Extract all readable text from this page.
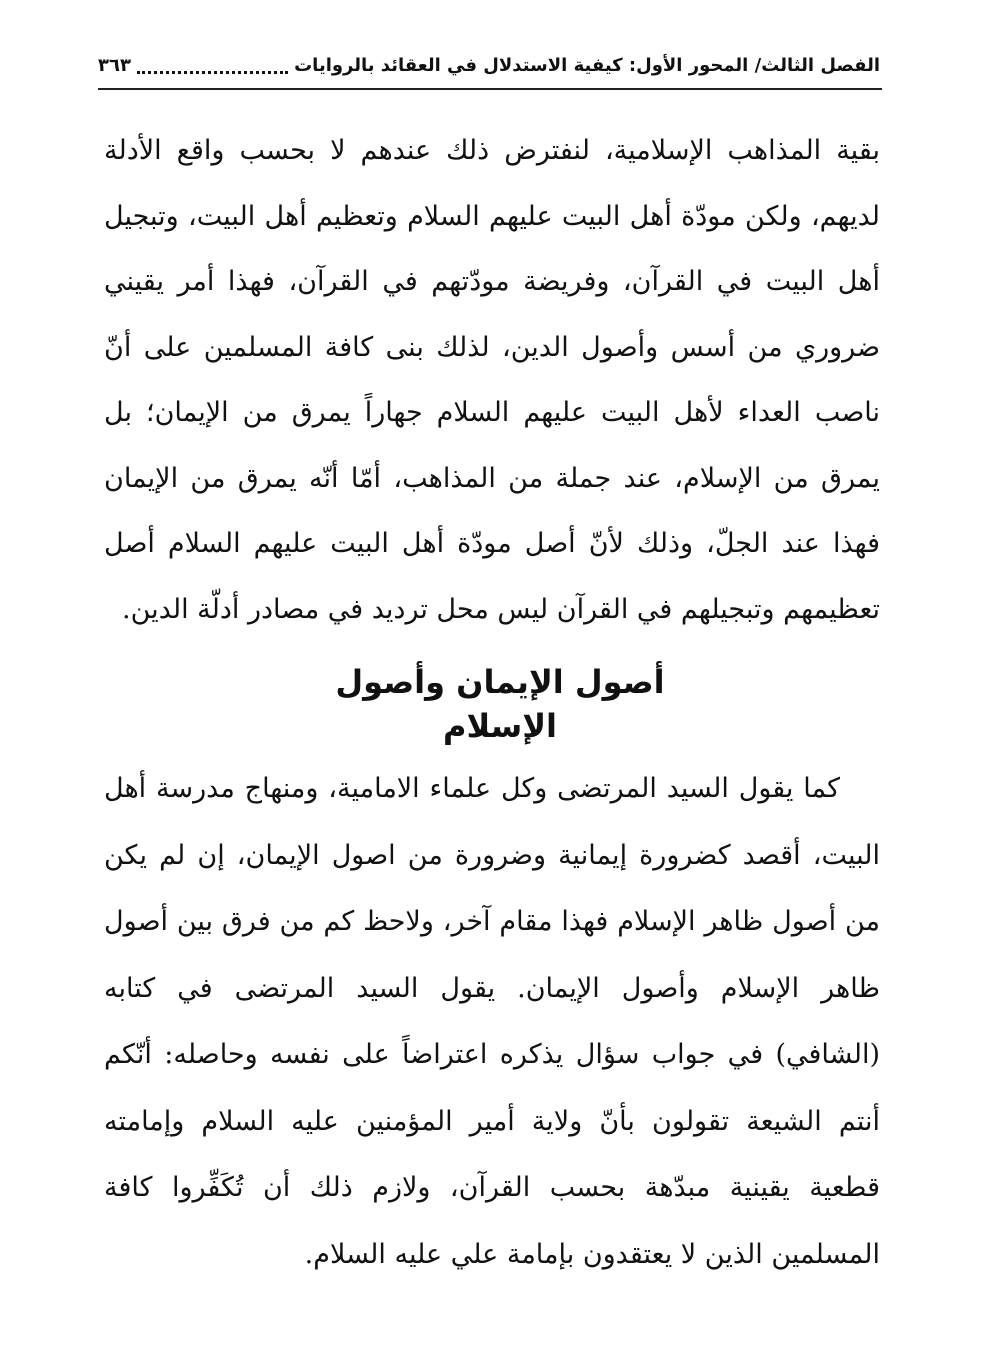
الفصل الثالث/ المحور الأول: كيفية الاستدلال في العقائد بالروايات
٣٦٣

بقية المذاهب الإسلامية، لنفترض ذلك عندهم لا بحسب واقع الأدلة لديهم، ولكن مودّة أهل البيت عليهم السلام وتعظيم أهل البيت، وتبجيل أهل البيت في القرآن، وفريضة مودّتهم في القرآن، فهذا أمر يقيني ضروري من أسس وأصول الدين، لذلك بنى كافة المسلمين على أنّ ناصب العداء لأهل البيت عليهم السلام جهاراً يمرق من الإيمان؛ بل يمرق من الإسلام، عند جملة من المذاهب، أمّا أنّه يمرق من الإيمان فهذا عند الجلّ، وذلك لأنّ أصل مودّة أهل البيت عليهم السلام أصل تعظيمهم وتبجيلهم في القرآن ليس محل ترديد في مصادر أدلّة الدين.

أصول الإيمان وأصول
الإسلام

كما يقول السيد المرتضى وكل علماء الامامية، ومنهاج مدرسة أهل البيت، أقصد كضرورة إيمانية وضرورة من اصول الإيمان، إن لم يكن من أصول ظاهر الإسلام فهذا مقام آخر، ولاحظ كم من فرق بين أصول ظاهر الإسلام وأصول الإيمان. يقول السيد المرتضى في كتابه (الشافي) في جواب سؤال يذكره اعتراضاً على نفسه وحاصله: أنّكم أنتم الشيعة تقولون بأنّ ولاية أمير المؤمنين عليه السلام وإمامته قطعية يقينية مبدّهة بحسب القرآن، ولازم ذلك أن تُكَفِّروا كافة المسلمين الذين لا يعتقدون بإمامة علي عليه السلام.
